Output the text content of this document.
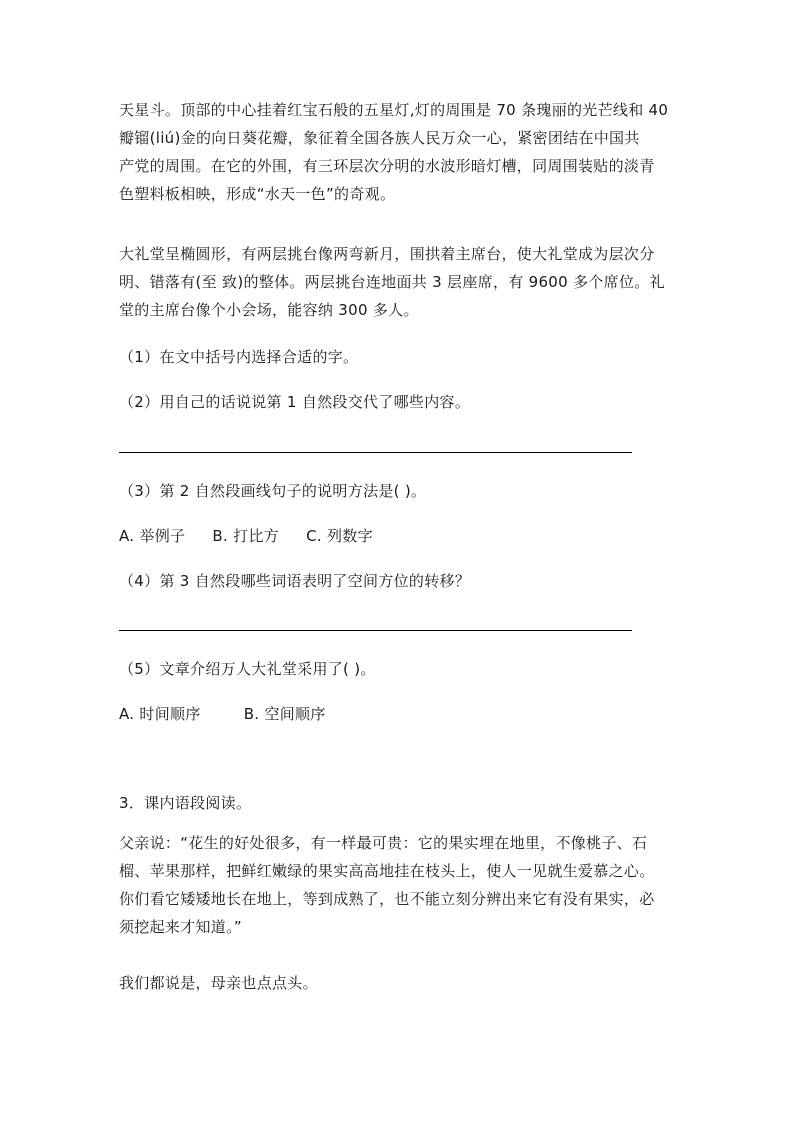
天星斗。顶部的中心挂着红宝石般的五星灯,灯的周围是 70 条瑰丽的光芒线和 40
瓣镏(liú)金的向日葵花瓣，象征着全国各族人民万众一心，紧密团结在中国共
产党的周围。在它的外围，有三环层次分明的水波形暗灯槽，同周围装贴的淡青
色塑料板相映，形成“水天一色”的奇观。
大礼堂呈椭圆形，有两层挑台像两弯新月，围拱着主席台，使大礼堂成为层次分
明、错落有(至 致)的整体。两层挑台连地面共 3 层座席，有 9600 多个席位。礼
堂的主席台像个小会场，能容纳 300 多人。

（1）在文中括号内选择合适的字。

（2）用自己的话说说第 1 自然段交代了哪些内容。

（3）第 2 自然段画线句子的说明方法是( )。

A. 举例子 B. 打比方 C. 列数字

（4）第 3 自然段哪些词语表明了空间方位的转移？

（5）文章介绍万人大礼堂采用了( )。

A. 时间顺序	B. 空间顺序

3．课内语段阅读。

父亲说：“花生的好处很多，有一样最可贵：它的果实埋在地里，不像桃子、石
榴、苹果那样，把鲜红嫩绿的果实高高地挂在枝头上，使人一见就生爱慕之心。
你们看它矮矮地长在地上，等到成熟了，也不能立刻分辨出来它有没有果实，必
须挖起来才知道。”

我们都说是，母亲也点点头。
